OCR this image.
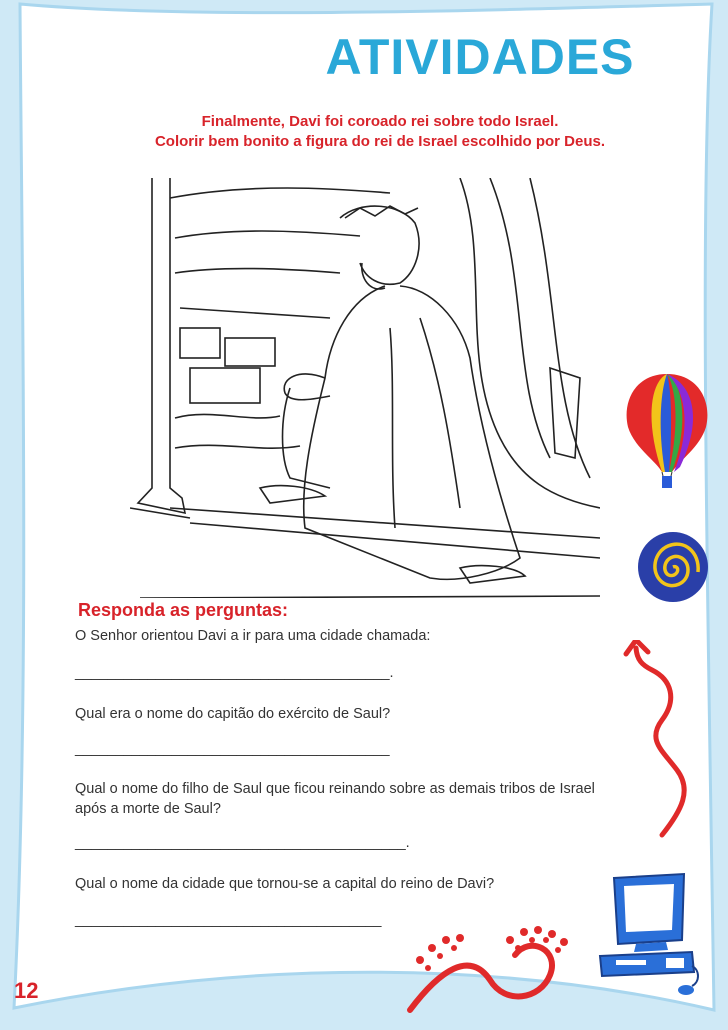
ATIVIDADES
Finalmente, Davi foi coroado rei sobre todo Israel.
Colorir bem bonito a figura do rei de Israel escolhido por Deus.
Responda as perguntas:
O Senhor orientou Davi a ir para uma cidade chamada:
_______________________________________.
Qual era o nome do capitão do exército de Saul?
_______________________________________
Qual o nome do filho de Saul que ficou reinando sobre as demais tribos de Israel após a morte de Saul?
_________________________________________.
Qual o nome da cidade que tornou-se a capital do reino de Davi?
______________________________________
12
